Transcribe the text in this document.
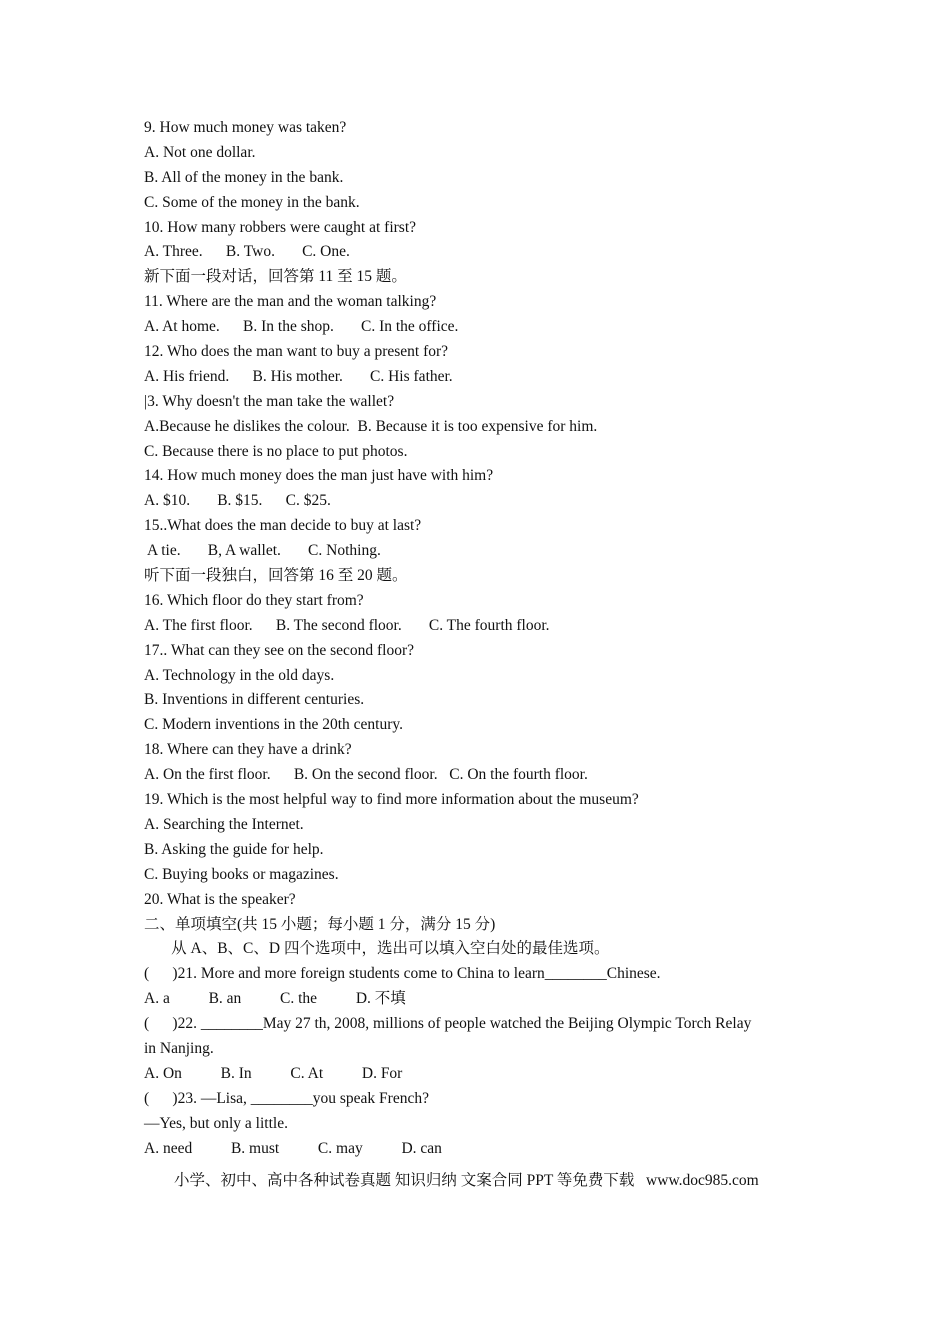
9. How much money was taken?

A. Not one dollar.

B. All of the money in the bank.

C. Some of the money in the bank.

10. How many robbers were caught at first?

A. Three.      B. Two.       C. One.

新下面一段对话，回答第 11 至 15 题。

11. Where are the man and the woman talking?

A. At home.      B. In the shop.       C. In the office.

12. Who does the man want to buy a present for?

A. His friend.      B. His mother.       C. His father.

|3. Why doesn't the man take the wallet?

A.Because he dislikes the colour.  B. Because it is too expensive for him.

C. Because there is no place to put photos.

14. How much money does the man just have with him?

A. $10.       B. $15.      C. $25.

15..What does the man decide to buy at last?

A tie.       B, A wallet.       C. Nothing.

听下面一段独白，回答第 16 至 20 题。

16. Which floor do they start from?

A. The first floor.      B. The second floor.       C. The fourth floor.

17.. What can they see on the second floor?

A. Technology in the old days.

B. Inventions in different centuries.

C. Modern inventions in the 20th century.

18. Where can they have a drink?

A. On the first floor.      B. On the second floor.   C. On the fourth floor.

19. Which is the most helpful way to find more information about the museum?

A. Searching the Internet.

B. Asking the guide for help.

C. Buying books or magazines.

20. What is the speaker?

二、单项填空(共 15 小题；每小题 1 分，满分 15 分)

从 A、B、C、D 四个选项中，选出可以填入空白处的最佳选项。

(      )21. More and more foreign students come to China to learn________Chinese.

A. a          B. an          C. the          D. 不填

(      )22. ________May 27 th, 2008, millions of people watched the Beijing Olympic Torch Relay

in Nanjing.

A. On          B. In          C. At          D. For

(      )23. —Lisa, ________you speak French?

—Yes, but only a little.

A. need          B. must          C. may          D. can

小学、初中、高中各种试卷真题 知识归纳 文案合同 PPT 等免费下载   www.doc985.com
